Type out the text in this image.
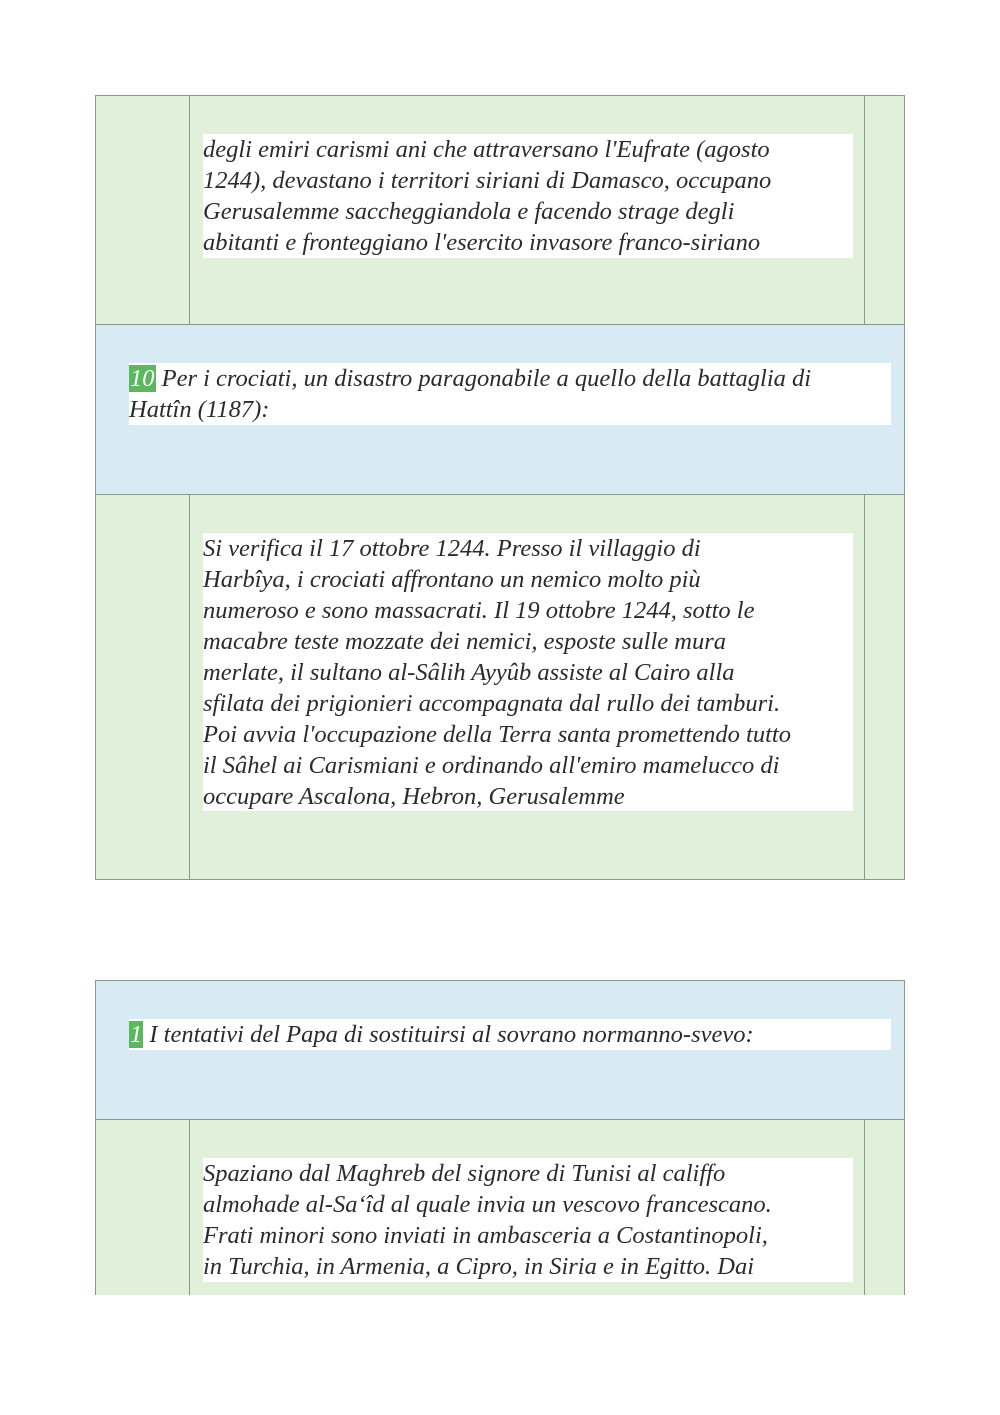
degli emiri carismi ani che attraversano l'Eufrate (agosto
1244), devastano i territori siriani di Damasco, occupano
Gerusalemme saccheggiandola e facendo strage degli
abitanti e fronteggiano l'esercito invasore franco-siriano
10 Per i crociati, un disastro paragonabile a quello della battaglia di
Hattîn (1187):
Si verifica il 17 ottobre 1244. Presso il villaggio di
Harbîya, i crociati affrontano un nemico molto più
numeroso e sono massacrati. Il 19 ottobre 1244, sotto le
macabre teste mozzate dei nemici, esposte sulle mura
merlate, il sultano al-Sâlih Ayyûb assiste al Cairo alla
sfilata dei prigionieri accompagnata dal rullo dei tamburi.
Poi avvia l'occupazione della Terra santa promettendo tutto
il Sâhel ai Carismiani e ordinando all'emiro mamelucco di
occupare Ascalona, Hebron, Gerusalemme
1 I tentativi del Papa di sostituirsi al sovrano normanno-svevo:
Spaziano dal Maghreb del signore di Tunisi al califfo
almohade al-Sa‘îd al quale invia un vescovo francescano.
Frati minori sono inviati in ambasceria a Costantinopoli,
in Turchia, in Armenia, a Cipro, in Siria e in Egitto. Dai
